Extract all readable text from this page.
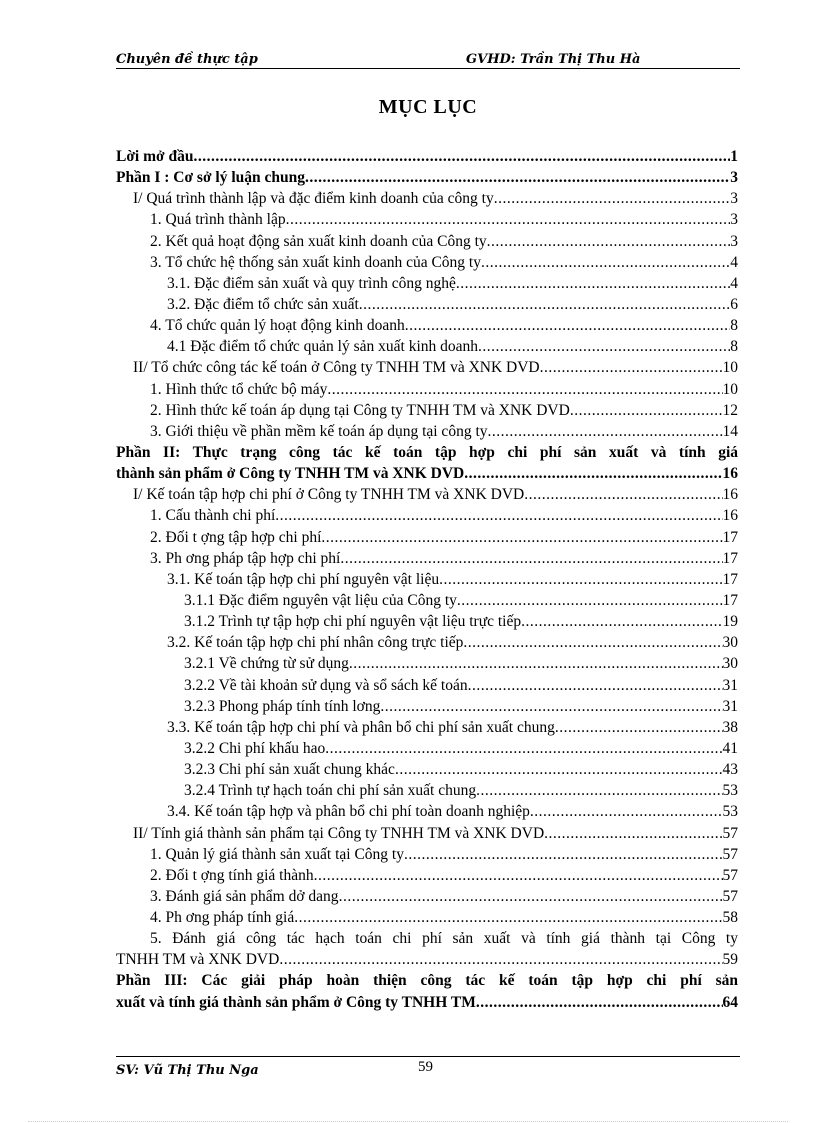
Chuyên đề thực tập	GVHD: Trần Thị Thu Hà
MỤC LỤC
Lời mở đầu .....	1
Phần I : Cơ sở lý luận chung .....	3
I/ Quá trình thành lập và đặc điểm kinh doanh của công ty .....	3
1. Quá trình thành lập .....	3
2. Kết quả hoạt động sản xuất kinh doanh của Công ty .....	3
3. Tổ chức hệ thống sản xuất kinh doanh của Công ty .....	4
3.1. Đặc điểm sản xuất và quy trình công nghệ .....	4
3.2. Đặc điểm tổ chức sản xuất .....	6
4. Tổ chức quản lý hoạt động kinh doanh .....	8
4.1 Đặc điểm tổ chức quản lý sản xuất kinh doanh .....	8
II/ Tổ chức công tác kế toán ở Công ty TNHH TM và XNK DVD .....	10
1. Hình thức tổ chức bộ máy .....	10
2. Hình thức kế toán áp dụng tại Công ty TNHH TM và XNK DVD .....	12
3. Giới thiệu về phần mềm kế toán áp dụng tại công ty .....	14
Phần II: Thực trạng công tác kế toán tập hợp chi phí sản xuất và tính giá
thành sản phẩm ở Công ty TNHH TM và XNK DVD .....	16
I/ Kế toán tập hợp chi phí ở Công ty TNHH TM và XNK DVD .....	16
1. Cấu thành chi phí .....	16
2. Đối t ợng tập hợp chi phí .....	17
3. Ph ơng pháp tập hợp chi phí .....	17
3.1. Kế toán tập hợp chi phí nguyên vật liệu .....	17
3.1.1 Đặc điểm nguyên vật liệu của Công ty .....	17
3.1.2 Trình tự tập hợp chi phí nguyên vật liệu trực tiếp .....	19
3.2. Kế toán tập hợp chi phí nhân công trực tiếp .....	30
3.2.1 Về chứng từ sử dụng .....	30
3.2.2 Về tài khoản sử dụng và sổ sách kế toán .....	31
3.2.3 Phong pháp tính tính lơng .....	31
3.3. Kế toán tập hợp chi phí và phân bổ chi phí sản xuất chung .....	38
3.2.2 Chi phí khấu hao .....	41
3.2.3 Chi phí sản xuất chung khác .....	43
3.2.4 Trình tự hạch toán chi phí sản xuất chung .....	53
3.4. Kế toán tập hợp và phân bổ chi phí toàn doanh nghiệp .....	53
II/ Tính giá thành sản phẩm tại Công ty TNHH TM và XNK DVD .....	57
1. Quản lý giá thành sản xuất tại Công ty .....	57
2. Đối t ợng tính giá thành .....	57
3. Đánh giá sản phẩm dở dang .....	57
4. Ph ơng pháp tính giá .....	58
5. Đánh giá công tác hạch toán chi phí sản xuất và tính giá thành tại Công ty
TNHH TM và XNK DVD .....	59
Phần III: Các giải pháp hoàn thiện công tác kế toán tập hợp chi phí sản
xuất và tính giá thành sản phẩm ở Công ty TNHH TM .....	64
SV: Vũ Thị Thu Nga	59
